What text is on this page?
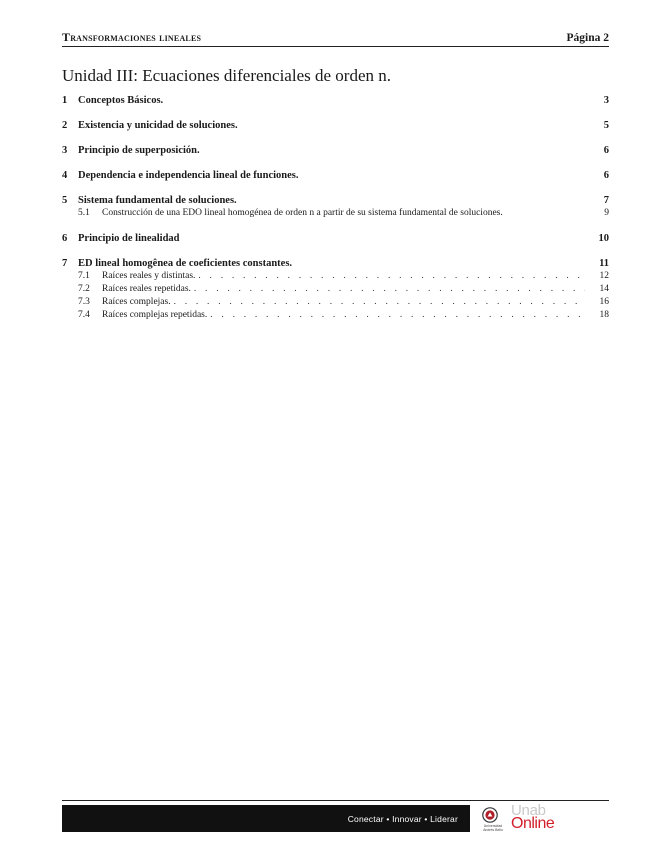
Transformaciones lineales	Página 2
Unidad III: Ecuaciones diferenciales de orden n.
1	Conceptos Básicos.	3
2	Existencia y unicidad de soluciones.	5
3	Principio de superposición.	6
4	Dependencia e independencia lineal de funciones.	6
5	Sistema fundamental de soluciones.	7
5.1	Construcción de una EDO lineal homogénea de orden n a partir de su sistema fundamental de soluciones.	9
6	Principio de linealidad	10
7	ED lineal homogênea de coeficientes constantes.	11
7.1	Raíces reales y distintas. . . .	12
7.2	Raíces reales repetidas. . . .	14
7.3	Raíces complejas. . . .	16
7.4	Raíces complejas repetidas. . . .	18
Conectar • Innovar • Liderar
Universidad Andrés Bello
Unab
Online
